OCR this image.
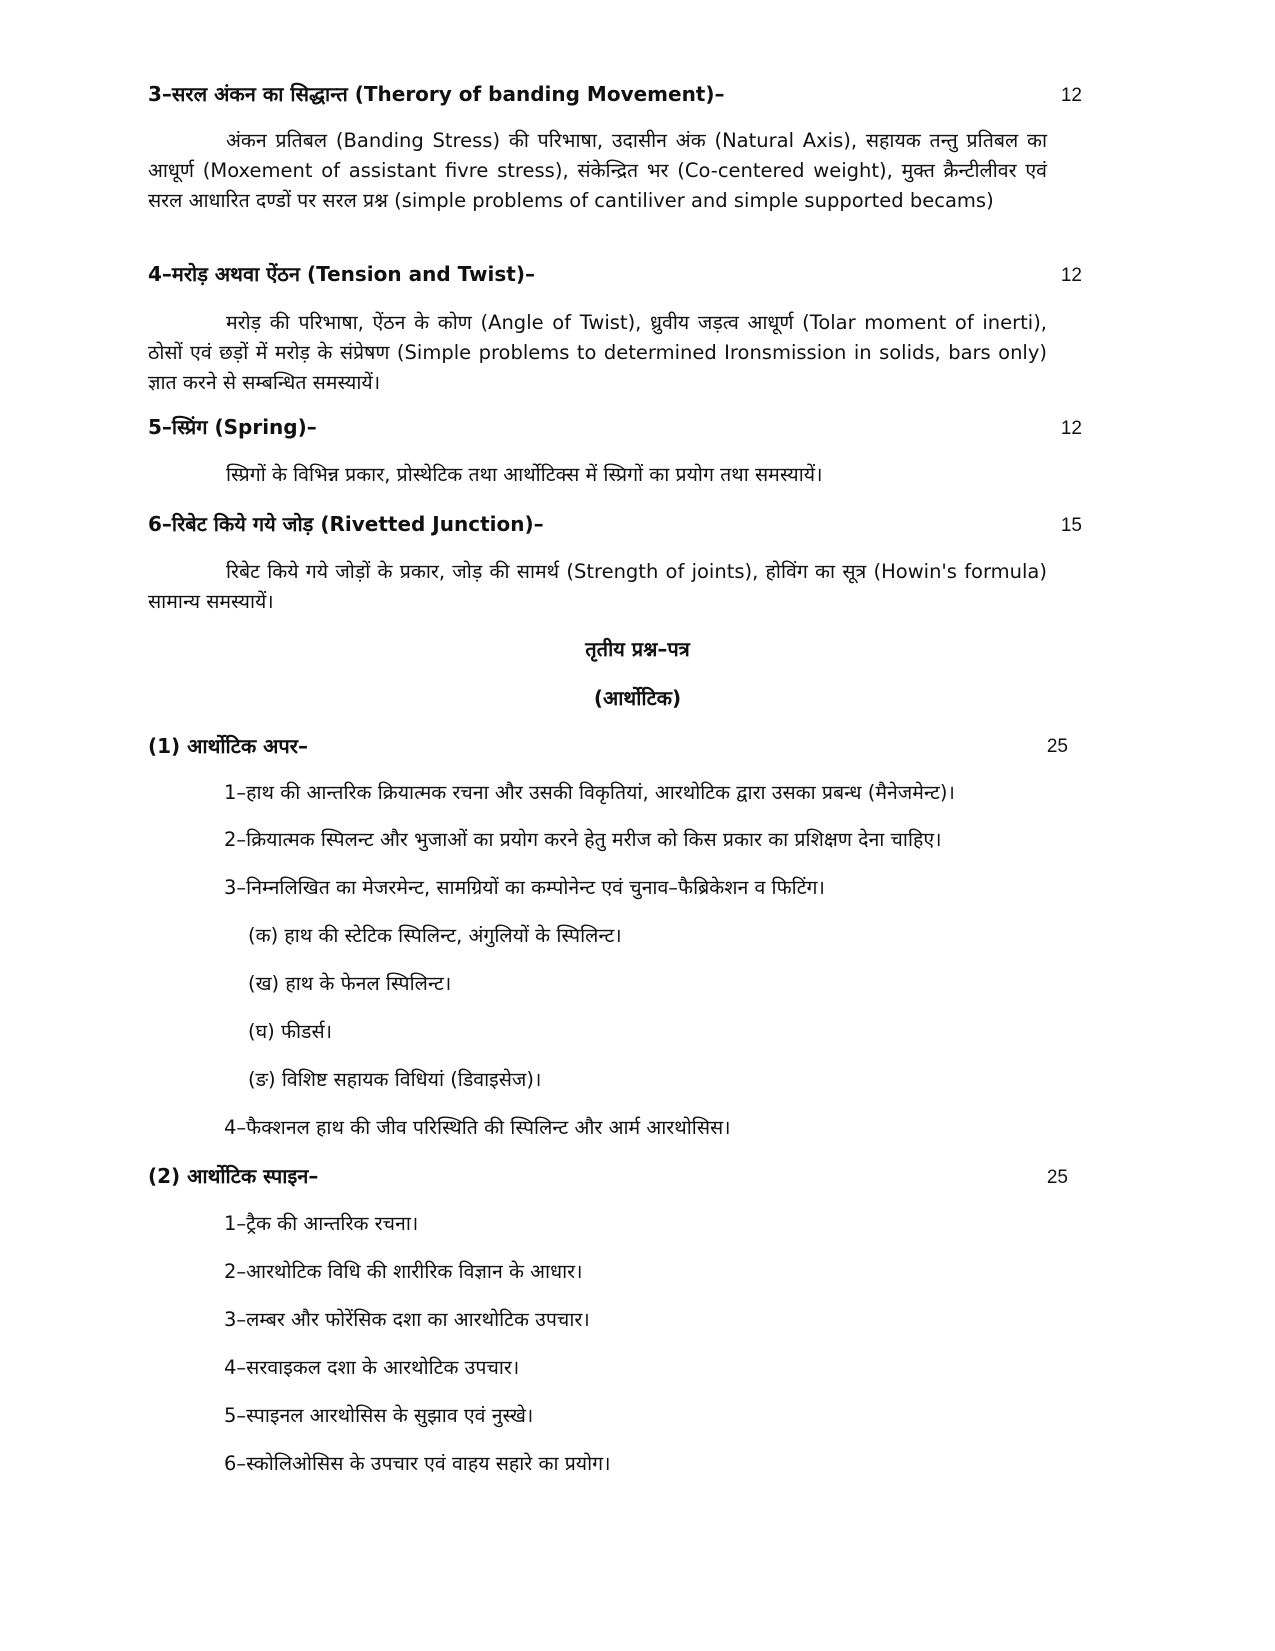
3–सरल अंकन का सिद्धान्त (Therory of banding Movement)–	12

अंकन प्रतिबल (Banding Stress) की परिभाषा, उदासीन अंक (Natural Axis), सहायक तन्तु प्रतिबल का आधूर्ण (Moxement of assistant fivre stress), संकेन्द्रित भर (Co-centered weight), मुक्त क्रैन्टीलीवर एवं सरल आधारित दण्डों पर सरल प्रश्न (simple problems of cantiliver and simple supported becams)

4–मरोड़ अथवा ऐंठन (Tension and Twist)–	12

मरोड़ की परिभाषा, ऐंठन के कोण (Angle of Twist), ध्रुवीय जड़त्व आधूर्ण (Tolar moment of inerti), ठोसों एवं छड़ों में मरोड़ के संप्रेषण (Simple problems to determined Ironsmission in solids, bars only) ज्ञात करने से सम्बन्धित समस्यायें।

5–स्प्रिंग (Spring)–	12

स्प्रिगों के विभिन्न प्रकार, प्रोस्थेटिक तथा आर्थोटिक्स में स्प्रिगों का प्रयोग तथा समस्यायें।

6–रिबेट किये गये जोड़ (Rivetted Junction)–	15

रिबेट किये गये जोड़ों के प्रकार, जोड़ की सामर्थ (Strength of joints), होविंग का सूत्र (Howin's formula) सामान्य समस्यायें।

तृतीय प्रश्न–पत्र
(आर्थोटिक)
(1) आर्थोटिक अपर–	25
1–हाथ की आन्तरिक क्रियात्मक रचना और उसकी विकृतियां, आरथोटिक द्वारा उसका प्रबन्ध (मैनेजमेन्ट)।
2–क्रियात्मक स्पिलन्ट और भुजाओं का प्रयोग करने हेतु मरीज को किस प्रकार का प्रशिक्षण देना चाहिए।
3–निम्नलिखित का मेजरमेन्ट, सामग्रियों का कम्पोनेन्ट एवं चुनाव–फैब्रिकेशन व फिटिंग।
(क) हाथ की स्टेटिक स्पिलिन्ट, अंगुलियों के स्पिलिन्ट।
(ख) हाथ के फेनल स्पिलिन्ट।
(घ) फीडर्स।
(ङ) विशिष्ट सहायक विधियां (डिवाइसेज)।
4–फैक्शनल हाथ की जीव परिस्थिति की स्पिलिन्ट और आर्म आरथोसिस।
(2) आर्थोटिक स्पाइन–	25
1–ट्रैक की आन्तरिक रचना।
2–आरथोटिक विधि की शारीरिक विज्ञान के आधार।
3–लम्बर और फोरेंसिक दशा का आरथोटिक उपचार।
4–सरवाइकल दशा के आरथोटिक उपचार।
5–स्पाइनल आरथोसिस के सुझाव एवं नुस्खे।
6–स्कोलिओसिस के उपचार एवं वाहय सहारे का प्रयोग।
